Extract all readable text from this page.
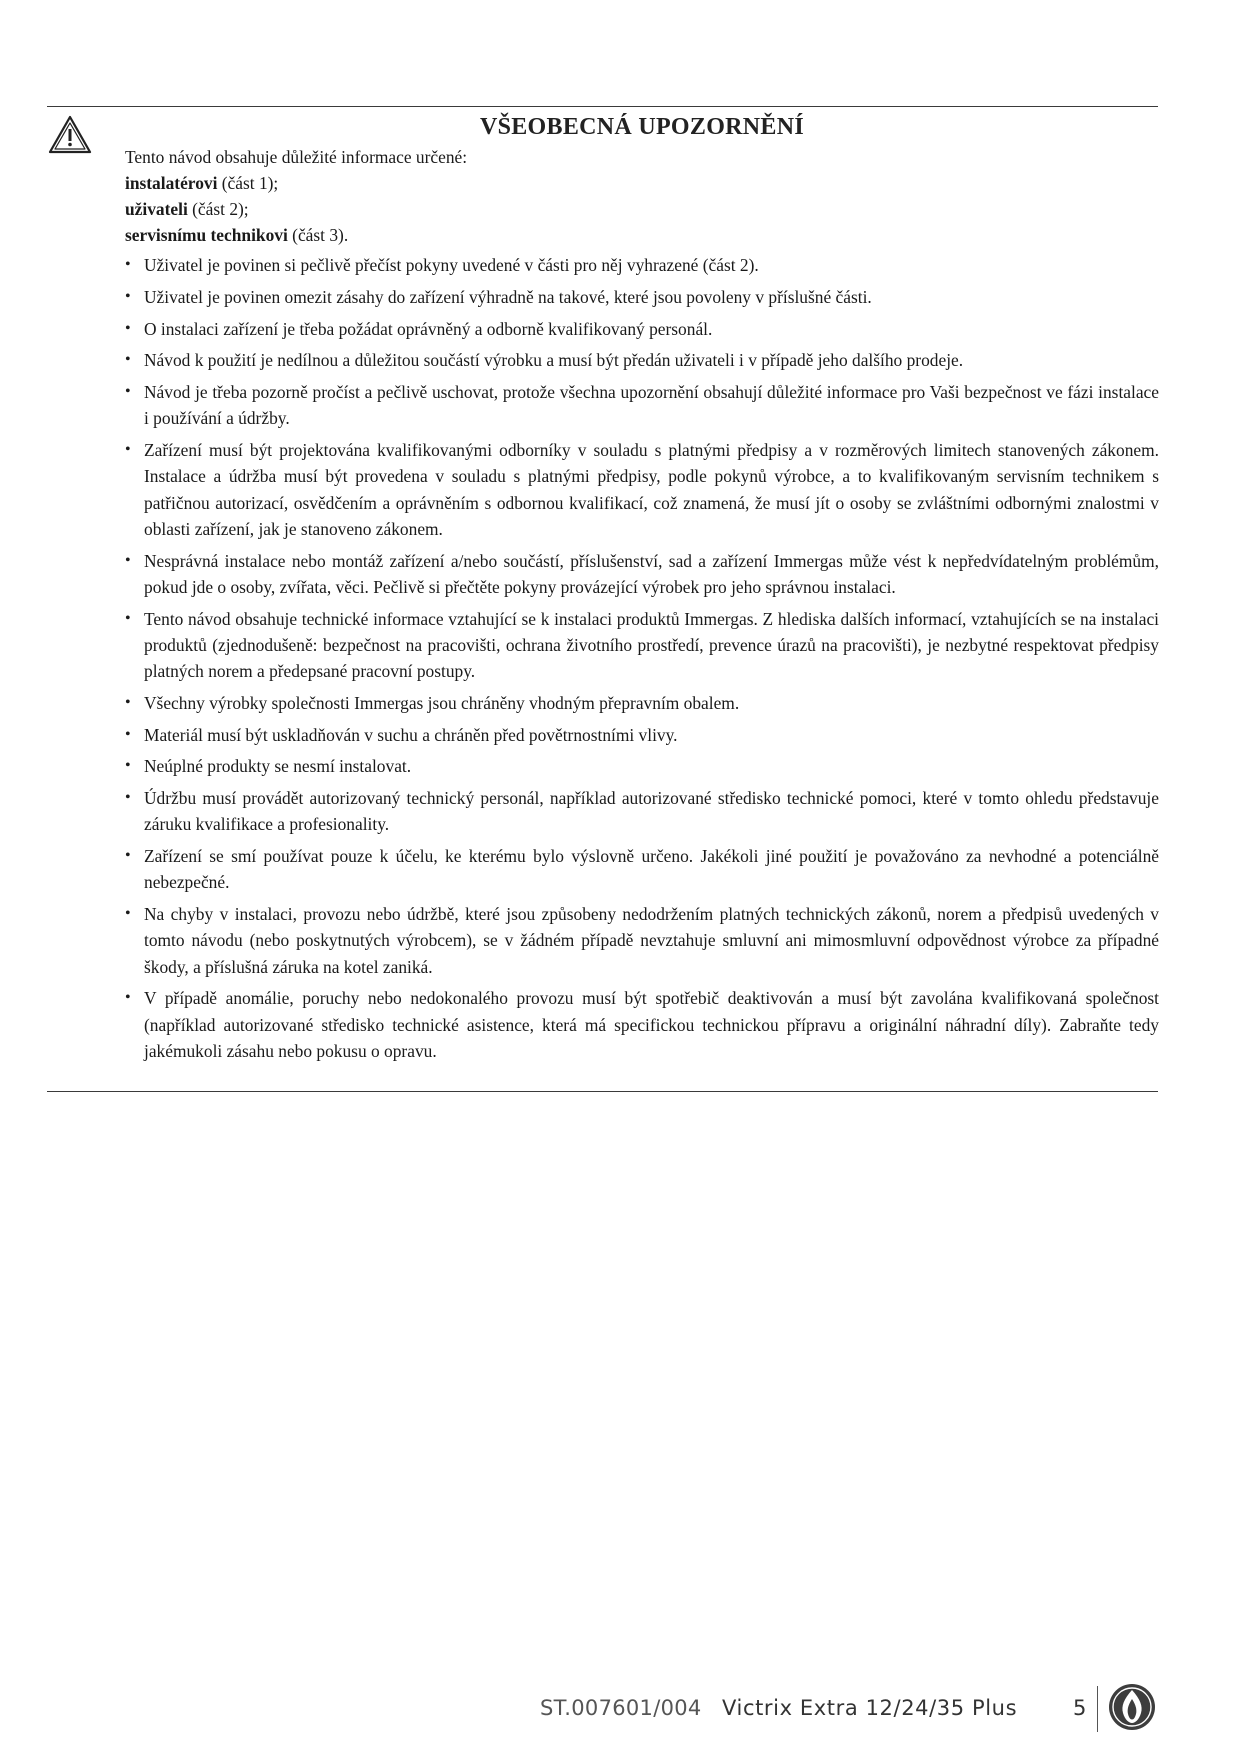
VŠEOBECNÁ UPOZORNĚNÍ

Tento návod obsahuje důležité informace určené:

instalatérovi (část 1);

uživateli (část 2);

servisnímu technikovi (část 3).

• Uživatel je povinen si pečlivě přečíst pokyny uvedené v části pro něj vyhrazené (část 2).
• Uživatel je povinen omezit zásahy do zařízení výhradně na takové, které jsou povoleny v příslušné části.
• O instalaci zařízení je třeba požádat oprávněný a odborně kvalifikovaný personál.
• Návod k použití je nedílnou a důležitou součástí výrobku a musí být předán uživateli i v případě jeho dalšího prodeje.
• Návod je třeba pozorně pročíst a pečlivě uschovat, protože všechna upozornění obsahují důležité informace pro Vaši bezpečnost ve fázi instalace i používání a údržby.
• Zařízení musí být projektována kvalifikovanými odborníky v souladu s platnými předpisy a v rozměrových limitech stanovených zákonem. Instalace a údržba musí být provedena v souladu s platnými předpisy, podle pokynů výrobce, a to kvalifikovaným servisním technikem s patřičnou autorizací, osvědčením a oprávněním s odbornou kvalifikací, což znamená, že musí jít o osoby se zvláštními odbornými znalostmi v oblasti zařízení, jak je stanoveno zákonem.
• Nesprávná instalace nebo montáž zařízení a/nebo součástí, příslušenství, sad a zařízení Immergas může vést k nepředvídatelným problémům, pokud jde o osoby, zvířata, věci. Pečlivě si přečtěte pokyny provázející výrobek pro jeho správnou instalaci.
• Tento návod obsahuje technické informace vztahující se k instalaci produktů Immergas. Z hlediska dalších informací, vztahujících se na instalaci produktů (zjednodušeně: bezpečnost na pracovišti, ochrana životního prostředí, prevence úrazů na pracovišti), je nezbytné respektovat předpisy platných norem a předepsané pracovní postupy.
• Všechny výrobky společnosti Immergas jsou chráněny vhodným přepravním obalem.
• Materiál musí být uskladňován v suchu a chráněn před povětrnostními vlivy.
• Neúplné produkty se nesmí instalovat.
• Údržbu musí provádět autorizovaný technický personál, například autorizované středisko technické pomoci, které v tomto ohledu představuje záruku kvalifikace a profesionality.
• Zařízení se smí používat pouze k účelu, ke kterému bylo výslovně určeno. Jakékoli jiné použití je považováno za nevhodné a potenciálně nebezpečné.
• Na chyby v instalaci, provozu nebo údržbě, které jsou způsobeny nedodržením platných technických zákonů, norem a předpisů uvedených v tomto návodu (nebo poskytnutých výrobcem), se v žádném případě nevztahuje smluvní ani mimosmluvní odpovědnost výrobce za případné škody, a příslušná záruka na kotel zaniká.
• V případě anomálie, poruchy nebo nedokonalého provozu musí být spotřebič deaktivován a musí být zavolána kvalifikovaná společnost (například autorizované středisko technické asistence, která má specifickou technickou přípravu a originální náhradní díly). Zabraňte tedy jakémukoli zásahu nebo pokusu o opravu.
ST.007601/004 Victrix Extra 12/24/35 Plus	5
